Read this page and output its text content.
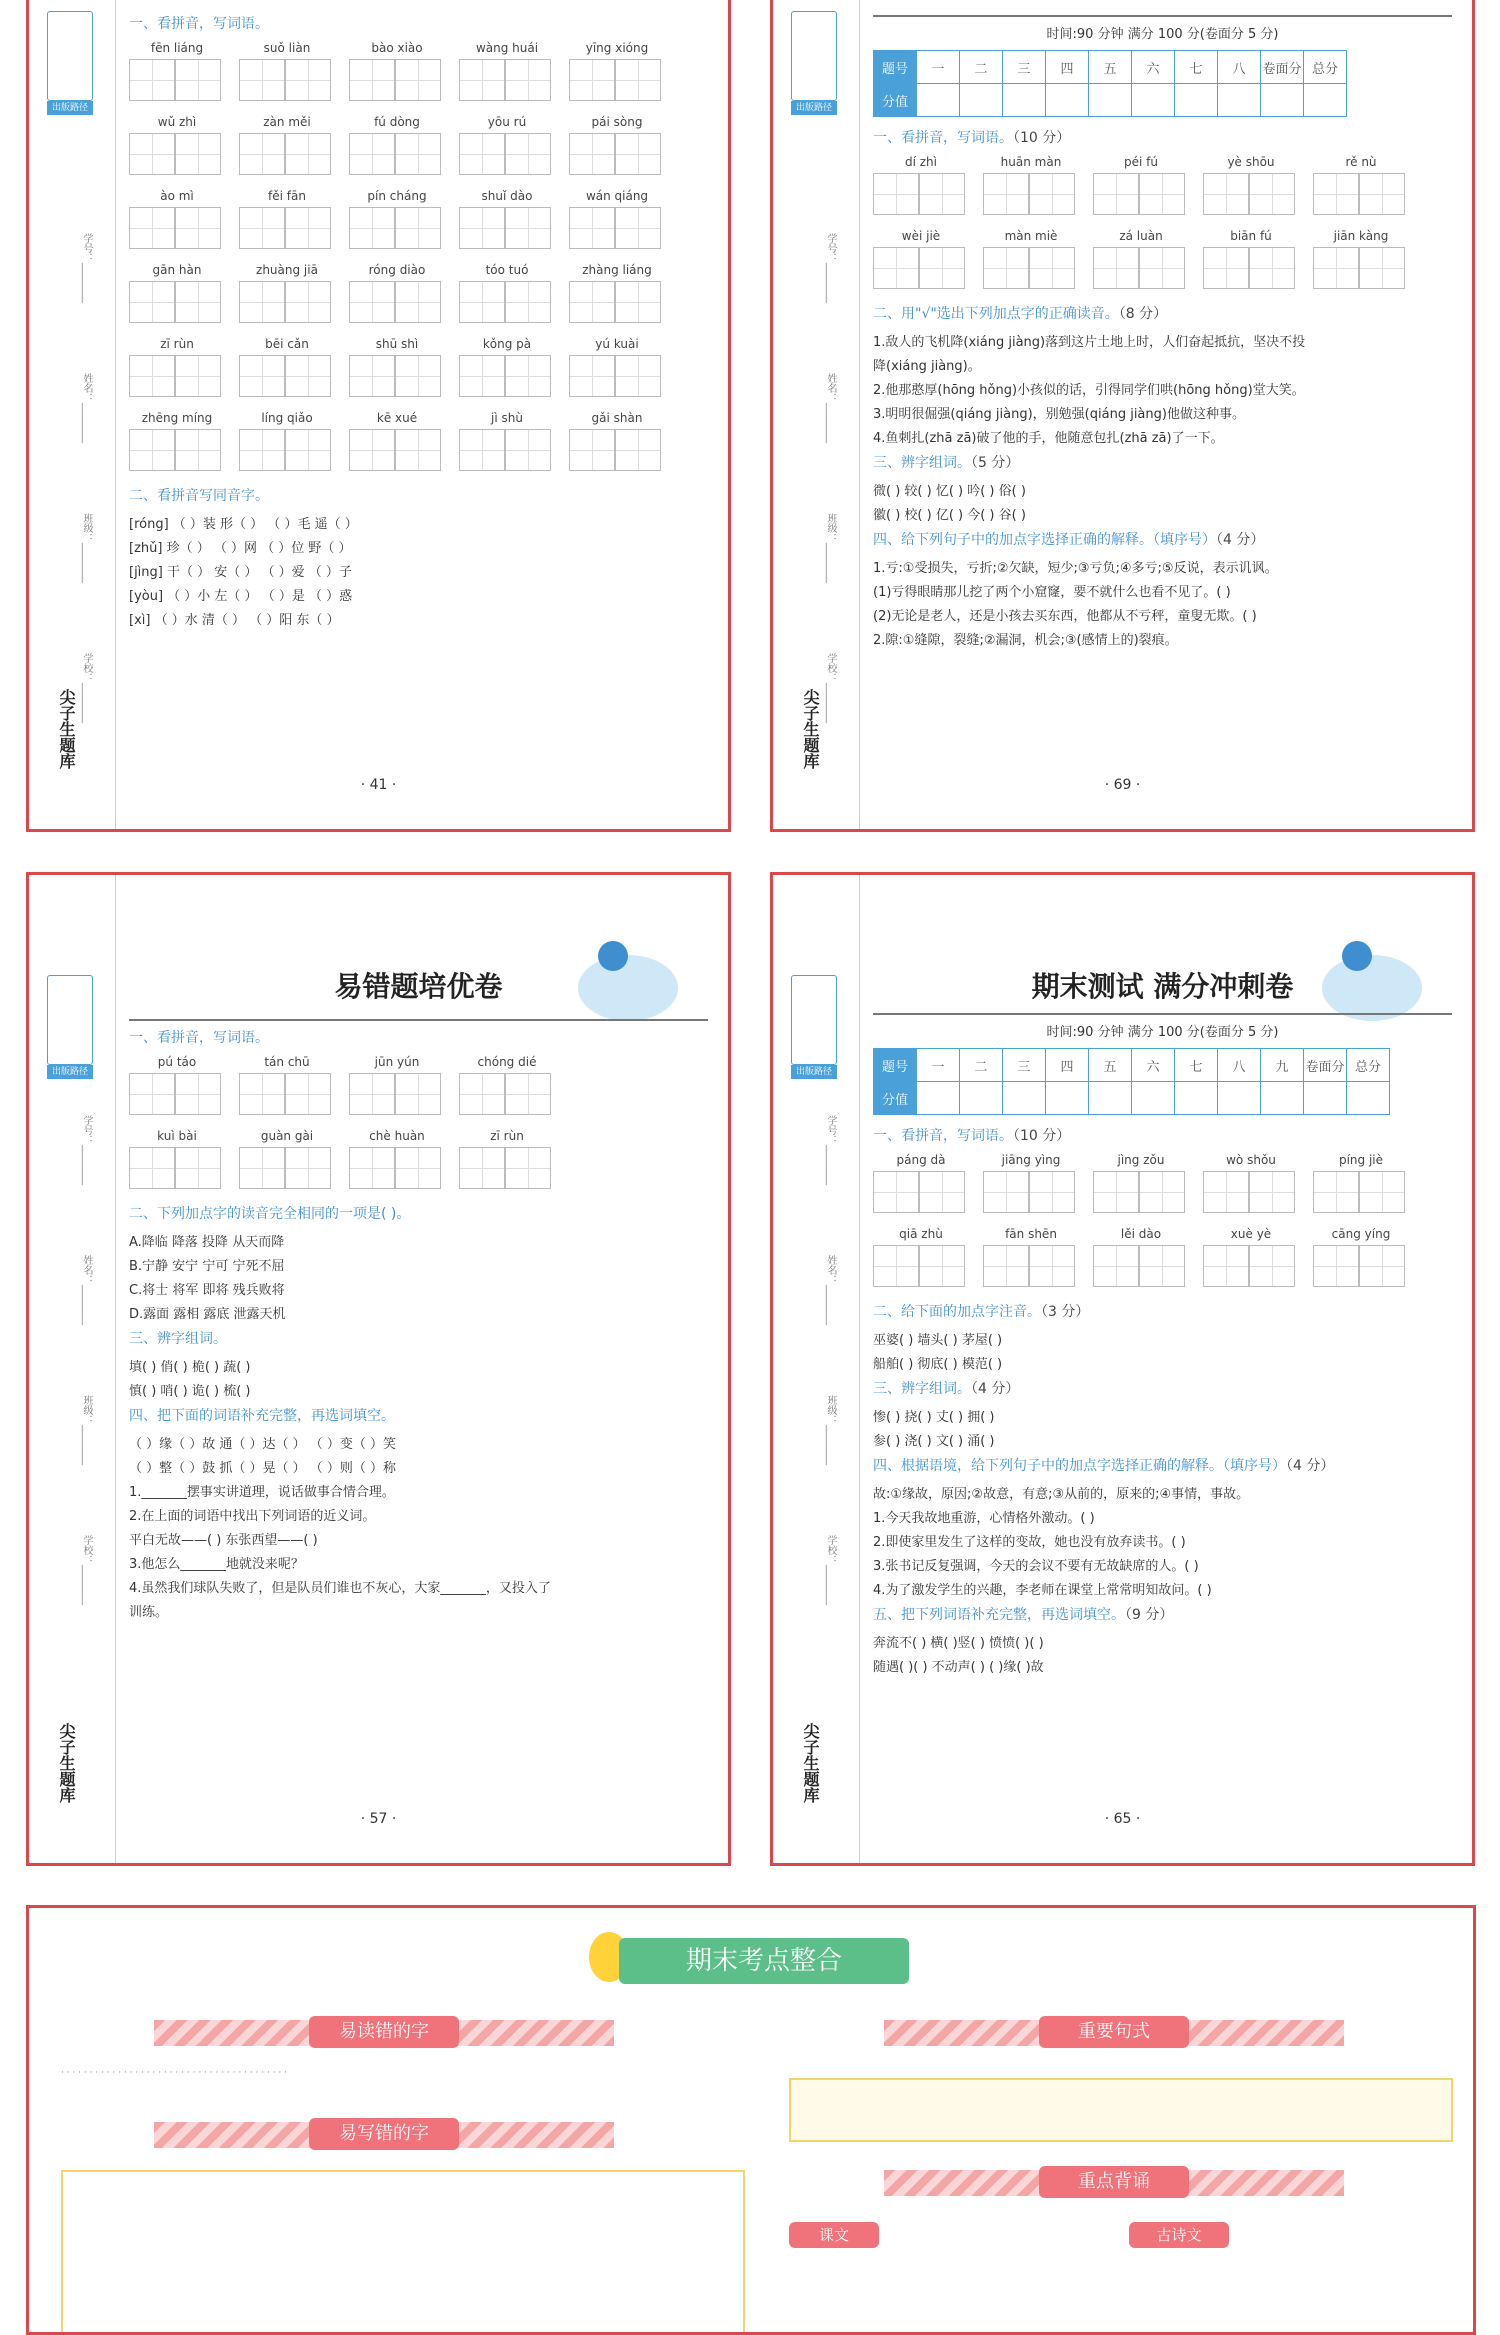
出版路径
尖子生题库
学号：________
姓名：________
班级：________
学校：________
一、看拼音，写词语。
fēn liáng	suǒ liàn	bào xiào	wàng huái	yīng xióng
wǔ zhì	zàn měi	fú dòng	yōu rú	pái sòng
ào mì	fěi fān	pín cháng	shuǐ dào	wán qiáng
gān hàn	zhuàng jiā	róng diào	tóo tuó	zhàng liáng
zī rùn	bēi cǎn	shū shì	kǒng pà	yú kuài
zhēng míng	líng qiǎo	kē xué	jì shù	gǎi shàn
二、看拼音写同音字。
[róng] （ ）装 形（ ） （ ）毛 遥（ ）
[zhǔ] 珍（ ） （ ）网 （ ）位 野（ ）
[jìng] 干（ ） 安（ ） （ ）爱 （ ）子
[yòu] （ ）小 左（ ） （ ）是 （ ）惑
[xì] （ ）水 清（ ） （ ）阳 东（ ）
· 41 ·
出版路径
尖子生题库
学号：________
姓名：________
班级：________
学校：________
时间:90 分钟 满分 100 分(卷面分 5 分)
题号	一	二	三	四	五	六	七	八	卷面分	总分
分值										
一、看拼音，写词语。（10 分）
dí zhì	huān màn	péi fú	yè shōu	rě nù
wèi jiè	màn miè	zá luàn	biān fú	jiān kàng
二、用"√"选出下列加点字的正确读音。（8 分）
1.敌人的飞机降(xiáng jiàng)落到这片土地上时，人们奋起抵抗，坚决不投
降(xiáng jiàng)。
2.他那憨厚(hōng hǒng)小孩似的话，引得同学们哄(hōng hǒng)堂大笑。
3.明明很倔强(qiáng jiàng)，别勉强(qiáng jiàng)他做这种事。
4.鱼刺扎(zhā zā)破了他的手，他随意包扎(zhā zā)了一下。
三、辨字组词。（5 分）
微( ) 较( ) 忆( ) 吟( ) 俗( )
徽( ) 校( ) 亿( ) 今( ) 谷( )
四、给下列句子中的加点字选择正确的解释。（填序号）（4 分）
1.亏:①受损失，亏折;②欠缺，短少;③亏负;④多亏;⑤反说，表示讥讽。
(1)亏得眼睛那儿挖了两个小窟窿，要不就什么也看不见了。( )
(2)无论是老人，还是小孩去买东西，他都从不亏秤，童叟无欺。( )
2.隙:①缝隙，裂缝;②漏洞，机会;③(感情上的)裂痕。
· 69 ·
出版路径
尖子生题库
学号：________
姓名：________
班级：________
学校：________
易错题培优卷
一、看拼音，写词语。
pú táo	tán chū	jūn yún	chóng dié
kuì bài	guàn gài	chè huàn	zī rùn
二、下列加点字的读音完全相同的一项是( )。
A.降临 降落 投降 从天而降
B.宁静 安宁 宁可 宁死不屈
C.将士 将军 即将 残兵败将
D.露面 露相 露底 泄露天机
三、辨字组词。
填( ) 俏( ) 桅( ) 蔬( )
慎( ) 哨( ) 诡( ) 梳( )
四、把下面的词语补充完整，再选词填空。
（ ）缘（ ）故 通（ ）达（ ） （ ）变（ ）笑
（ ）整（ ）鼓 抓（ ）晃（ ） （ ）则（ ）称
1._______摆事实讲道理，说话做事合情合理。
2.在上面的词语中找出下列词语的近义词。
平白无故——( ) 东张西望——( )
3.他怎么_______地就没来呢？
4.虽然我们球队失败了，但是队员们谁也不灰心，大家_______，又投入了
训练。
· 57 ·
出版路径
尖子生题库
学号：________
姓名：________
班级：________
学校：________
期末测试 满分冲刺卷
时间:90 分钟 满分 100 分(卷面分 5 分)
题号	一	二	三	四	五	六	七	八	九	卷面分	总分
分值											
一、看拼音，写词语。（10 分）
páng dà	jiāng yìng	jìng zǒu	wò shǒu	píng jiè
qiā zhù	fān shēn	lěi dào	xuè yè	cāng yíng
二、给下面的加点字注音。（3 分）
巫婆( ) 墙头( ) 茅屋( )
船舶( ) 彻底( ) 模范( )
三、辨字组词。（4 分）
惨( ) 挠( ) 丈( ) 拥( )
参( ) 浇( ) 文( ) 涌( )
四、根据语境，给下列句子中的加点字选择正确的解释。（填序号）（4 分）
故:①缘故，原因;②故意，有意;③从前的，原来的;④事情，事故。
1.今天我故地重游，心情格外激动。( )
2.即使家里发生了这样的变故，她也没有放弃读书。( )
3.张书记反复强调，今天的会议不要有无故缺席的人。( )
4.为了激发学生的兴趣，李老师在课堂上常常明知故问。( )
五、把下列词语补充完整，再选词填空。（9 分）
奔流不( ) 横( )竖( ) 愤愤( )( )
随遇( )( ) 不动声( ) ( )缘( )故
· 65 ·
期末考点整合
易读错的字
· · · · · · · · · · · · · · · · · · · · · · · · · · · · · · · · · · · · · · · ·
易写错的字
重要句式
重点背诵
课文	古诗文
